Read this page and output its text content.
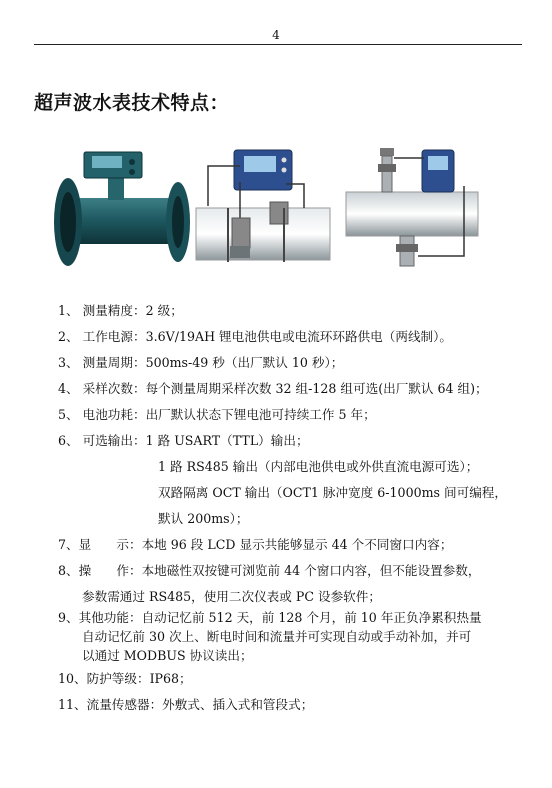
4
超声波水表技术特点：
1、 测量精度：2 级；
2、 工作电源：3.6V/19AH 锂电池供电或电流环环路供电（两线制）。
3、 测量周期：500ms-49 秒（出厂默认 10 秒）；
4、 采样次数：每个测量周期采样次数 32 组-128 组可选(出厂默认 64 组)；
5、 电池功耗：出厂默认状态下锂电池可持续工作 5 年；
6、 可选输出：1 路 USART（TTL）输出；
1 路 RS485 输出（内部电池供电或外供直流电源可选）；
双路隔离 OCT 输出（OCT1 脉冲宽度 6-1000ms 间可编程，
默认 200ms）；
7、显　　示：本地 96 段 LCD 显示共能够显示 44 个不同窗口内容；
8、操　　作：本地磁性双按键可浏览前 44 个窗口内容，但不能设置参数，
参数需通过 RS485，使用二次仪表或 PC 设参软件；
9、其他功能：自动记忆前 512 天，前 128 个月，前 10 年正负净累积热量
自动记忆前 30 次上、断电时间和流量并可实现自动或手动补加，并可
以通过 MODBUS 协议读出；
10、防护等级：IP68；
11、流量传感器：外敷式、插入式和管段式；
